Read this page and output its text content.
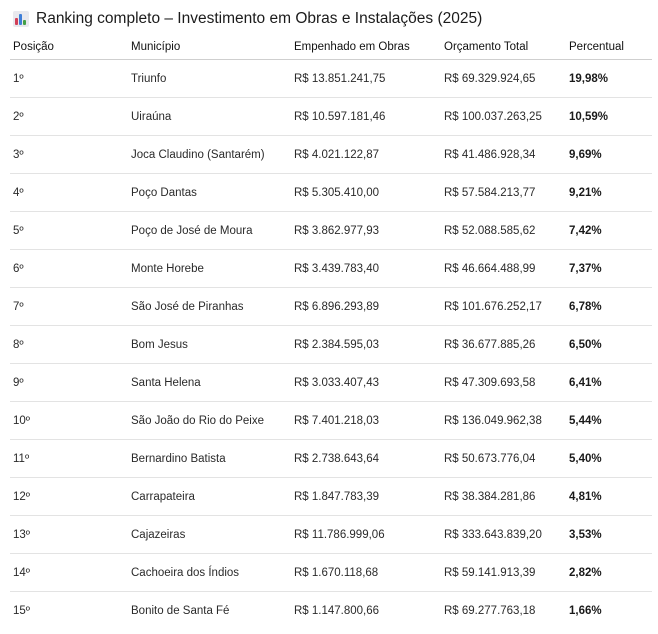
Ranking completo – Investimento em Obras e Instalações (2025)
Posição	Município	Empenhado em Obras	Orçamento Total	Percentual
1º	Triunfo	R$ 13.851.241,75	R$ 69.329.924,65	19,98%
2º	Uiraúna	R$ 10.597.181,46	R$ 100.037.263,25	10,59%
3º	Joca Claudino (Santarém)	R$ 4.021.122,87	R$ 41.486.928,34	9,69%
4º	Poço Dantas	R$ 5.305.410,00	R$ 57.584.213,77	9,21%
5º	Poço de José de Moura	R$ 3.862.977,93	R$ 52.088.585,62	7,42%
6º	Monte Horebe	R$ 3.439.783,40	R$ 46.664.488,99	7,37%
7º	São José de Piranhas	R$ 6.896.293,89	R$ 101.676.252,17	6,78%
8º	Bom Jesus	R$ 2.384.595,03	R$ 36.677.885,26	6,50%
9º	Santa Helena	R$ 3.033.407,43	R$ 47.309.693,58	6,41%
10º	São João do Rio do Peixe	R$ 7.401.218,03	R$ 136.049.962,38	5,44%
11º	Bernardino Batista	R$ 2.738.643,64	R$ 50.673.776,04	5,40%
12º	Carrapateira	R$ 1.847.783,39	R$ 38.384.281,86	4,81%
13º	Cajazeiras	R$ 11.786.999,06	R$ 333.643.839,20	3,53%
14º	Cachoeira dos Índios	R$ 1.670.118,68	R$ 59.141.913,39	2,82%
15º	Bonito de Santa Fé	R$ 1.147.800,66	R$ 69.277.763,18	1,66%
